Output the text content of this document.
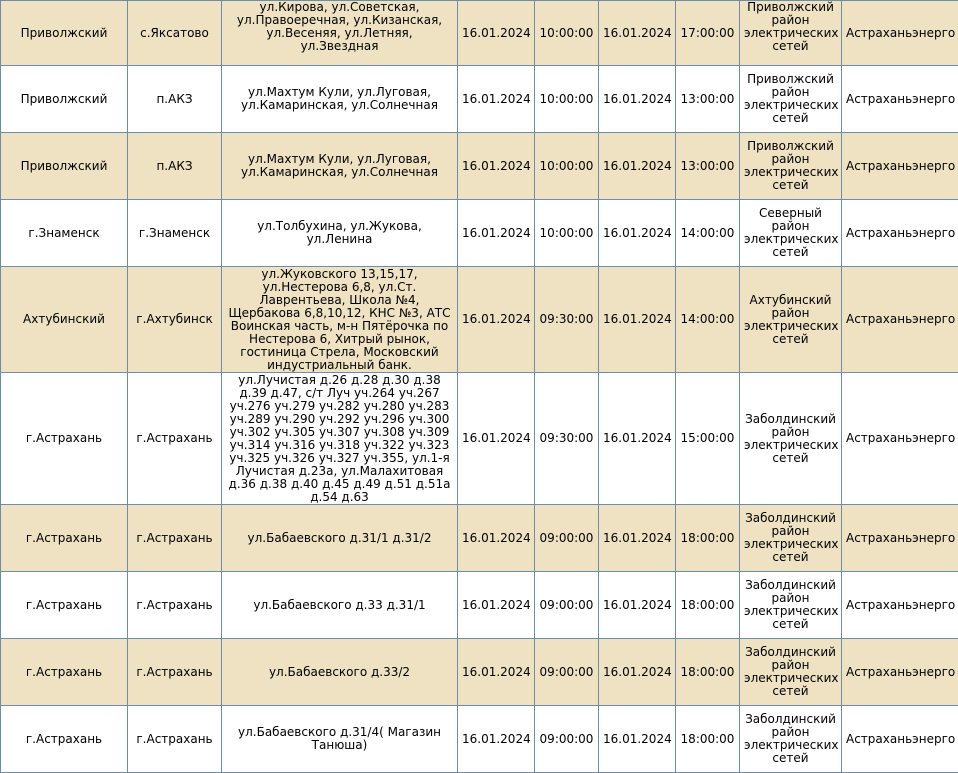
Приволжский	с.Яксатово	ул.Кирова, ул.Советская, ул.Правоеречная, ул.Кизанская, ул.Весеняя, ул.Летняя, ул.Звездная	16.01.2024	10:00:00	16.01.2024	17:00:00	Приволжский район электрических сетей	Астраханьэнерго
Приволжский	п.АКЗ	ул.Махтум Кули, ул.Луговая, ул.Камаринская, ул.Солнечная	16.01.2024	10:00:00	16.01.2024	13:00:00	Приволжский район электрических сетей	Астраханьэнерго
Приволжский	п.АКЗ	ул.Махтум Кули, ул.Луговая, ул.Камаринская, ул.Солнечная	16.01.2024	10:00:00	16.01.2024	13:00:00	Приволжский район электрических сетей	Астраханьэнерго
г.Знаменск	г.Знаменск	ул.Толбухина, ул.Жукова, ул.Ленина	16.01.2024	10:00:00	16.01.2024	14:00:00	Северный район электрических сетей	Астраханьэнерго
Ахтубинский	г.Ахтубинск	ул.Жуковского 13,15,17, ул.Нестерова 6,8, ул.Ст. Лаврентьева, Школа №4, Щербакова 6,8,10,12, КНС №3, АТС Воинская часть, м-н Пятёрочка по Нестерова 6, Хитрый рынок, гостиница Стрела, Московский индустриальный банк.	16.01.2024	09:30:00	16.01.2024	14:00:00	Ахтубинский район электрических сетей	Астраханьэнерго
г.Астрахань	г.Астрахань	ул.Лучистая д.26 д.28 д.30 д.38 д.39 д.47, с/т Луч уч.264 уч.267 уч.276 уч.279 уч.282 уч.280 уч.283 уч.289 уч.290 уч.292 уч.296 уч.300 уч.302 уч.305 уч.307 уч.308 уч.309 уч.314 уч.316 уч.318 уч.322 уч.323 уч.325 уч.326 уч.327 уч.355, ул.1-я Лучистая д.23а, ул.Малахитовая д.36 д.38 д.40 д.45 д.49 д.51 д.51а д.54 д.63	16.01.2024	09:30:00	16.01.2024	15:00:00	Заболдинский район электрических сетей	Астраханьэнерго
г.Астрахань	г.Астрахань	ул.Бабаевского д.31/1 д.31/2	16.01.2024	09:00:00	16.01.2024	18:00:00	Заболдинский район электрических сетей	Астраханьэнерго
г.Астрахань	г.Астрахань	ул.Бабаевского д.33 д.31/1	16.01.2024	09:00:00	16.01.2024	18:00:00	Заболдинский район электрических сетей	Астраханьэнерго
г.Астрахань	г.Астрахань	ул.Бабаевского д.33/2	16.01.2024	09:00:00	16.01.2024	18:00:00	Заболдинский район электрических сетей	Астраханьэнерго
г.Астрахань	г.Астрахань	ул.Бабаевского д.31/4( Магазин Танюша)	16.01.2024	09:00:00	16.01.2024	18:00:00	Заболдинский район электрических сетей	Астраханьэнерго
